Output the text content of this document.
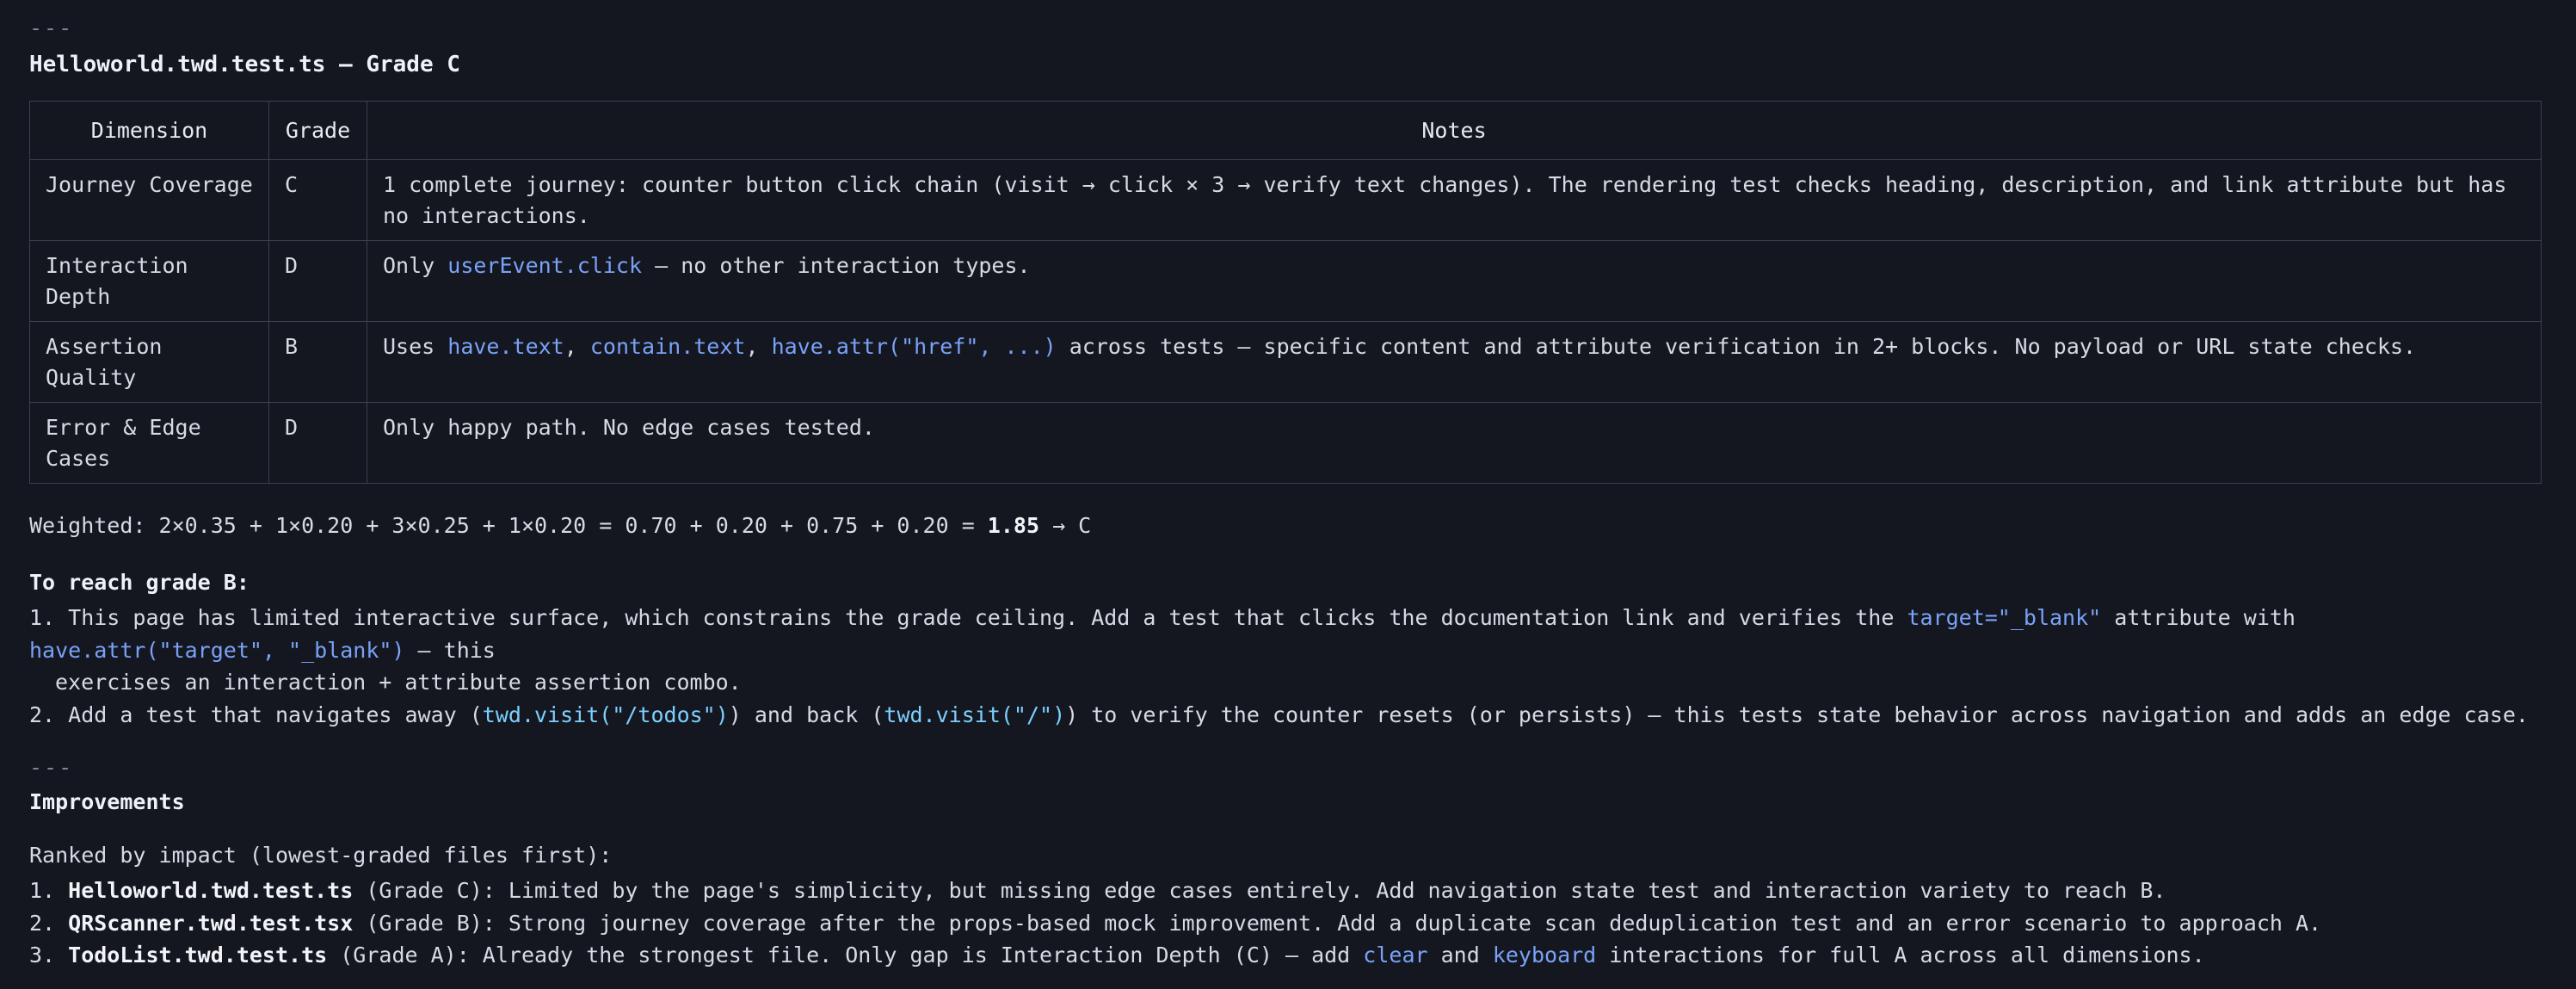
---
Helloworld.twd.test.ts — Grade C
Dimension	Grade	Notes
Journey Coverage	C	1 complete journey: counter button click chain (visit → click × 3 → verify text changes). The rendering test checks heading, description, and link attribute but has no interactions.
Interaction Depth	D	Only userEvent.click — no other interaction types.
Assertion Quality	B	Uses have.text, contain.text, have.attr("href", ...) across tests — specific content and attribute verification in 2+ blocks. No payload or URL state checks.
Error & Edge Cases	D	Only happy path. No edge cases tested.
Weighted: 2×0.35 + 1×0.20 + 3×0.25 + 1×0.20 = 0.70 + 0.20 + 0.75 + 0.20 = 1.85 → C
To reach grade B:
1. This page has limited interactive surface, which constrains the grade ceiling. Add a test that clicks the documentation link and verifies the target="_blank" attribute with have.attr("target", "_blank") — this
exercises an interaction + attribute assertion combo.
2. Add a test that navigates away (twd.visit("/todos")) and back (twd.visit("/")) to verify the counter resets (or persists) — this tests state behavior across navigation and adds an edge case.
---
Improvements
Ranked by impact (lowest-graded files first):
1. Helloworld.twd.test.ts (Grade C): Limited by the page's simplicity, but missing edge cases entirely. Add navigation state test and interaction variety to reach B.
2. QRScanner.twd.test.tsx (Grade B): Strong journey coverage after the props-based mock improvement. Add a duplicate scan deduplication test and an error scenario to approach A.
3. TodoList.twd.test.ts (Grade A): Already the strongest file. Only gap is Interaction Depth (C) — add clear and keyboard interactions for full A across all dimensions.
